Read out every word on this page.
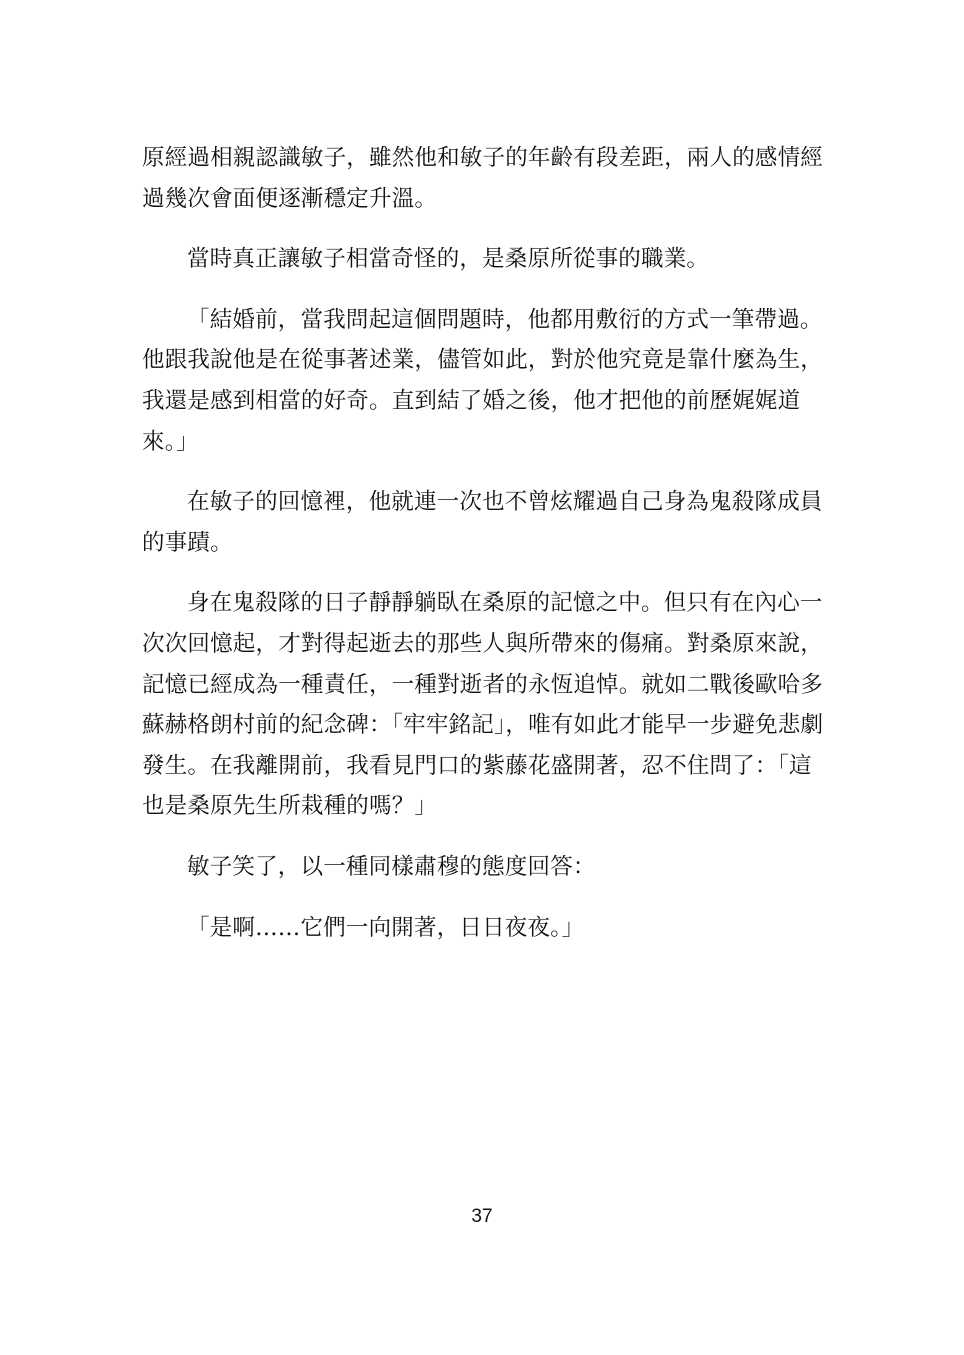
原經過相親認識敏子，雖然他和敏子的年齡有段差距，兩人的感情經過幾次會面便逐漸穩定升溫。

當時真正讓敏子相當奇怪的，是桑原所從事的職業。

「結婚前，當我問起這個問題時，他都用敷衍的方式一筆帶過。他跟我說他是在從事著述業，儘管如此，對於他究竟是靠什麼為生，我還是感到相當的好奇。直到結了婚之後，他才把他的前歷娓娓道來。」

在敏子的回憶裡，他就連一次也不曾炫耀過自己身為鬼殺隊成員的事蹟。

身在鬼殺隊的日子靜靜躺臥在桑原的記憶之中。但只有在內心一次次回憶起，才對得起逝去的那些人與所帶來的傷痛。對桑原來說，記憶已經成為一種責任，一種對逝者的永恆追悼。就如二戰後歐哈多蘇赫格朗村前的紀念碑：「牢牢銘記」，唯有如此才能早一步避免悲劇發生。在我離開前，我看見門口的紫藤花盛開著，忍不住問了：「這也是桑原先生所栽種的嗎？」

敏子笑了，以一種同樣肅穆的態度回答：

「是啊……它們一向開著，日日夜夜。」

37
